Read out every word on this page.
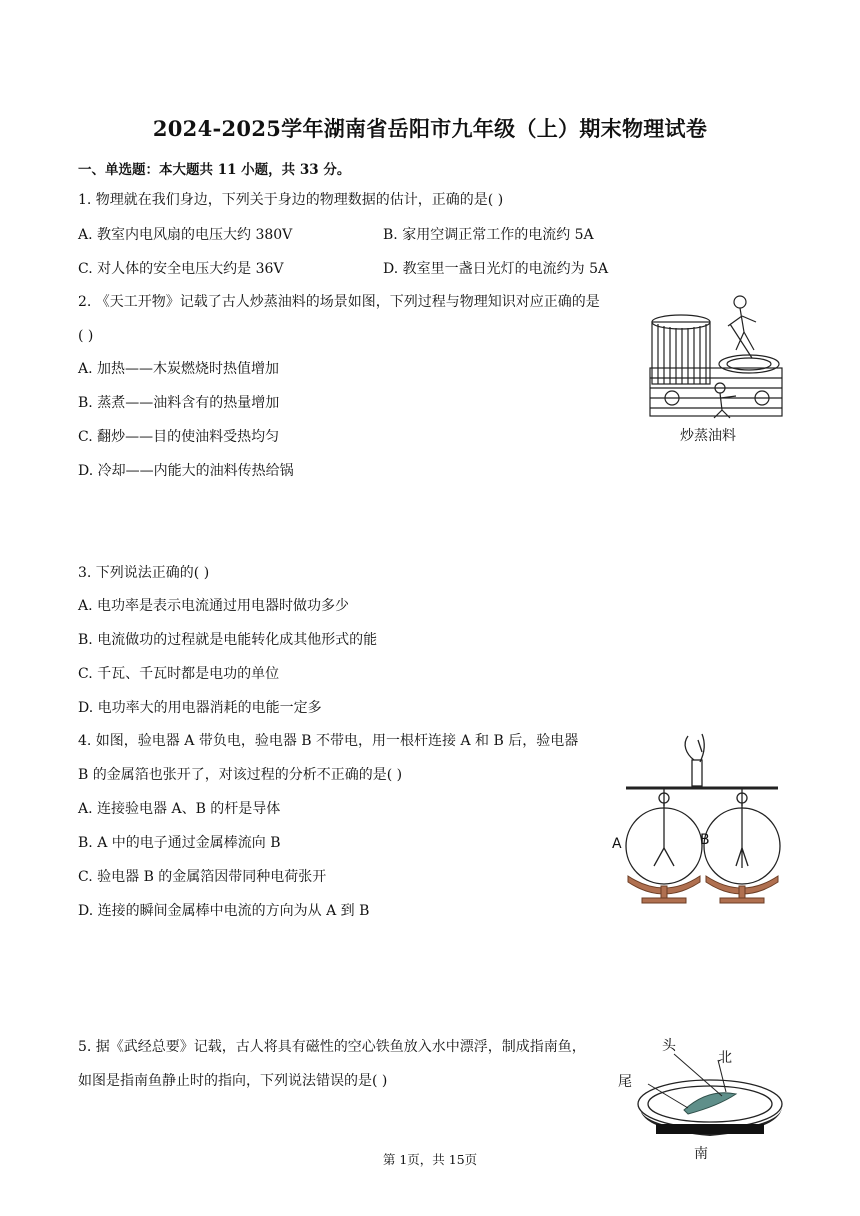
2024-2025学年湖南省岳阳市九年级（上）期末物理试卷
一、单选题：本大题共 11 小题，共 33 分。
1. 物理就在我们身边，下列关于身边的物理数据的估计，正确的是( )
A. 教室内电风扇的电压大约 380V	B. 家用空调正常工作的电流约 5A
C. 对人体的安全电压大约是 36V	D. 教室里一盏日光灯的电流约为 5A
2. 《天工开物》记载了古人炒蒸油料的场景如图，下列过程与物理知识对应正确的是
( )
A. 加热——木炭燃烧时热值增加
B. 蒸煮——油料含有的热量增加
C. 翻炒——目的使油料受热均匀
D. 冷却——内能大的油料传热给锅
炒蒸油料
3. 下列说法正确的( )
A. 电功率是表示电流通过用电器时做功多少
B. 电流做功的过程就是电能转化成其他形式的能
C. 千瓦、千瓦时都是电功的单位
D. 电功率大的用电器消耗的电能一定多
4. 如图，验电器 A 带负电，验电器 B 不带电，用一根杆连接 A 和 B 后，验电器
B 的金属箔也张开了，对该过程的分析不正确的是( )
A. 连接验电器 A、B 的杆是导体
B. A 中的电子通过金属棒流向 B
C. 验电器 B 的金属箔因带同种电荷张开
D. 连接的瞬间金属棒中电流的方向为从 A 到 B
A	B
5. 据《武经总要》记载，古人将具有磁性的空心铁鱼放入水中漂浮，制成指南鱼，
如图是指南鱼静止时的指向，下列说法错误的是( )
头
北
尾
南
第 1页，共 15页
